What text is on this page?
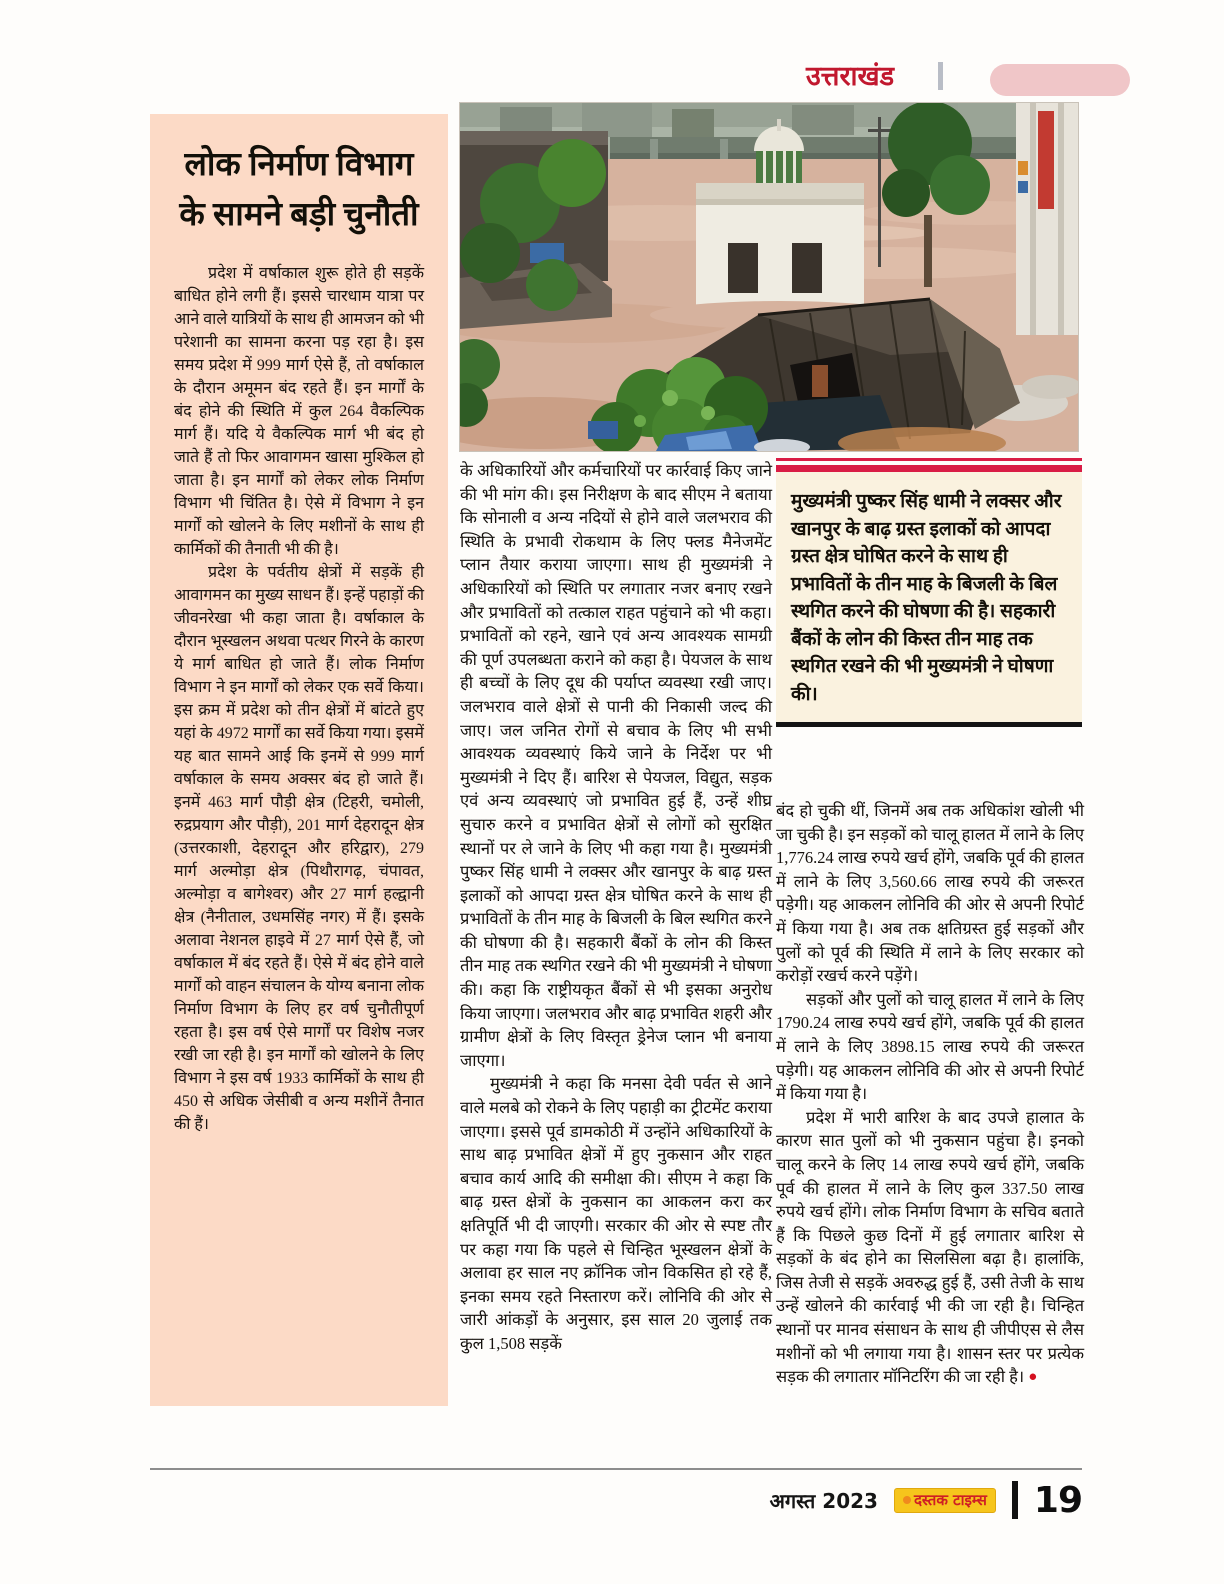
उत्तराखंड
लोक निर्माण विभाग के सामने बड़ी चुनौती

प्रदेश में वर्षाकाल शुरू होते ही सड़कें बाधित होने लगी हैं। इससे चारधाम यात्रा पर आने वाले यात्रियों के साथ ही आमजन को भी परेशानी का सामना करना पड़ रहा है। इस समय प्रदेश में 999 मार्ग ऐसे हैं, तो वर्षाकाल के दौरान अमूमन बंद रहते हैं। इन मार्गों के बंद होने की स्थिति में कुल 264 वैकल्पिक मार्ग हैं। यदि ये वैकल्पिक मार्ग भी बंद हो जाते हैं तो फिर आवागमन खासा मुश्किल हो जाता है। इन मार्गों को लेकर लोक निर्माण विभाग भी चिंतित है। ऐसे में विभाग ने इन मार्गों को खोलने के लिए मशीनों के साथ ही कार्मिकों की तैनाती भी की है।

प्रदेश के पर्वतीय क्षेत्रों में सड़कें ही आवागमन का मुख्य साधन हैं। इन्हें पहाड़ों की जीवनरेखा भी कहा जाता है। वर्षाकाल के दौरान भूस्खलन अथवा पत्थर गिरने के कारण ये मार्ग बाधित हो जाते हैं। लोक निर्माण विभाग ने इन मार्गों को लेकर एक सर्वे किया। इस क्रम में प्रदेश को तीन क्षेत्रों में बांटते हुए यहां के 4972 मार्गों का सर्वे किया गया। इसमें यह बात सामने आई कि इनमें से 999 मार्ग वर्षाकाल के समय अक्सर बंद हो जाते हैं। इनमें 463 मार्ग पौड़ी क्षेत्र (टिहरी, चमोली, रुद्रप्रयाग और पौड़ी), 201 मार्ग देहरादून क्षेत्र (उत्तरकाशी, देहरादून और हरिद्वार), 279 मार्ग अल्मोड़ा क्षेत्र (पिथौरागढ़, चंपावत, अल्मोड़ा व बागेश्वर) और 27 मार्ग हल्द्वानी क्षेत्र (नैनीताल, उधमसिंह नगर) में हैं। इसके अलावा नेशनल हाइवे में 27 मार्ग ऐसे हैं, जो वर्षाकाल में बंद रहते हैं। ऐसे में बंद होने वाले मार्गों को वाहन संचालन के योग्य बनाना लोक निर्माण विभाग के लिए हर वर्ष चुनौतीपूर्ण रहता है। इस वर्ष ऐसे मार्गों पर विशेष नजर रखी जा रही है। इन मार्गों को खोलने के लिए विभाग ने इस वर्ष 1933 कार्मिकों के साथ ही 450 से अधिक जेसीबी व अन्य मशीनें तैनात की हैं।

के अधिकारियों और कर्मचारियों पर कार्रवाई किए जाने की भी मांग की। इस निरीक्षण के बाद सीएम ने बताया कि सोनाली व अन्य नदियों से होने वाले जलभराव की स्थिति के प्रभावी रोकथाम के लिए फ्लड मैनेजमेंट प्लान तैयार कराया जाएगा। साथ ही मुख्यमंत्री ने अधिकारियों को स्थिति पर लगातार नजर बनाए रखने और प्रभावितों को तत्काल राहत पहुंचाने को भी कहा। प्रभावितों को रहने, खाने एवं अन्य आवश्यक सामग्री की पूर्ण उपलब्धता कराने को कहा है। पेयजल के साथ ही बच्चों के लिए दूध की पर्याप्त व्यवस्था रखी जाए। जलभराव वाले क्षेत्रों से पानी की निकासी जल्द की जाए। जल जनित रोगों से बचाव के लिए भी सभी आवश्यक व्यवस्थाएं किये जाने के निर्देश पर भी मुख्यमंत्री ने दिए हैं। बारिश से पेयजल, विद्युत, सड़क एवं अन्य व्यवस्थाएं जो प्रभावित हुई हैं, उन्हें शीघ्र सुचारु करने व प्रभावित क्षेत्रों से लोगों को सुरक्षित स्थानों पर ले जाने के लिए भी कहा गया है। मुख्यमंत्री पुष्कर सिंह धामी ने लक्सर और खानपुर के बाढ़ ग्रस्त इलाकों को आपदा ग्रस्त क्षेत्र घोषित करने के साथ ही प्रभावितों के तीन माह के बिजली के बिल स्थगित करने की घोषणा की है। सहकारी बैंकों के लोन की किस्त तीन माह तक स्थगित रखने की भी मुख्यमंत्री ने घोषणा की। कहा कि राष्ट्रीयकृत बैंकों से भी इसका अनुरोध किया जाएगा। जलभराव और बाढ़ प्रभावित शहरी और ग्रामीण क्षेत्रों के लिए विस्तृत ड्रेनेज प्लान भी बनाया जाएगा।

मुख्यमंत्री ने कहा कि मनसा देवी पर्वत से आने वाले मलबे को रोकने के लिए पहाड़ी का ट्रीटमेंट कराया जाएगा। इससे पूर्व डामकोठी में उन्होंने अधिकारियों के साथ बाढ़ प्रभावित क्षेत्रों में हुए नुकसान और राहत बचाव कार्य आदि की समीक्षा की। सीएम ने कहा कि बाढ़ ग्रस्त क्षेत्रों के नुकसान का आकलन करा कर क्षतिपूर्ति भी दी जाएगी। सरकार की ओर से स्पष्ट तौर पर कहा गया कि पहले से चिन्हित भूस्खलन क्षेत्रों के अलावा हर साल नए क्रॉनिक जोन विकसित हो रहे हैं, इनका समय रहते निस्तारण करें। लोनिवि की ओर से जारी आंकड़ों के अनुसार, इस साल 20 जुलाई तक कुल 1,508 सड़कें

मुख्यमंत्री पुष्कर सिंह धामी ने लक्सर और खानपुर के बाढ़ ग्रस्त इलाकों को आपदा ग्रस्त क्षेत्र घोषित करने के साथ ही प्रभावितों के तीन माह के बिजली के बिल स्थगित करने की घोषणा की है। सहकारी बैंकों के लोन की किस्त तीन माह तक स्थगित रखने की भी मुख्यमंत्री ने घोषणा की।

बंद हो चुकी थीं, जिनमें अब तक अधिकांश खोली भी जा चुकी है। इन सड़कों को चालू हालत में लाने के लिए 1,776.24 लाख रुपये खर्च होंगे, जबकि पूर्व की हालत में लाने के लिए 3,560.66 लाख रुपये की जरूरत पड़ेगी। यह आकलन लोनिवि की ओर से अपनी रिपोर्ट में किया गया है। अब तक क्षतिग्रस्त हुई सड़कों और पुलों को पूर्व की स्थिति में लाने के लिए सरकार को करोड़ों रखर्च करने पड़ेंगे।

सड़कों और पुलों को चालू हालत में लाने के लिए 1790.24 लाख रुपये खर्च होंगे, जबकि पूर्व की हालत में लाने के लिए 3898.15 लाख रुपये की जरूरत पड़ेगी। यह आकलन लोनिवि की ओर से अपनी रिपोर्ट में किया गया है।

प्रदेश में भारी बारिश के बाद उपजे हालात के कारण सात पुलों को भी नुकसान पहुंचा है। इनको चालू करने के लिए 14 लाख रुपये खर्च होंगे, जबकि पूर्व की हालत में लाने के लिए कुल 337.50 लाख रुपये खर्च होंगे। लोक निर्माण विभाग के सचिव बताते हैं कि पिछले कुछ दिनों में हुई लगातार बारिश से सड़कों के बंद होने का सिलसिला बढ़ा है। हालांकि, जिस तेजी से सड़कें अवरुद्ध हुई हैं, उसी तेजी के साथ उन्हें खोलने की कार्रवाई भी की जा रही है। चिन्हित स्थानों पर मानव संसाधन के साथ ही जीपीएस से लैस मशीनों को भी लगाया गया है। शासन स्तर पर प्रत्येक सड़क की लगातार मॉनिटरिंग की जा रही है। ●

अगस्त 2023	दस्तक टाइम्स 19
